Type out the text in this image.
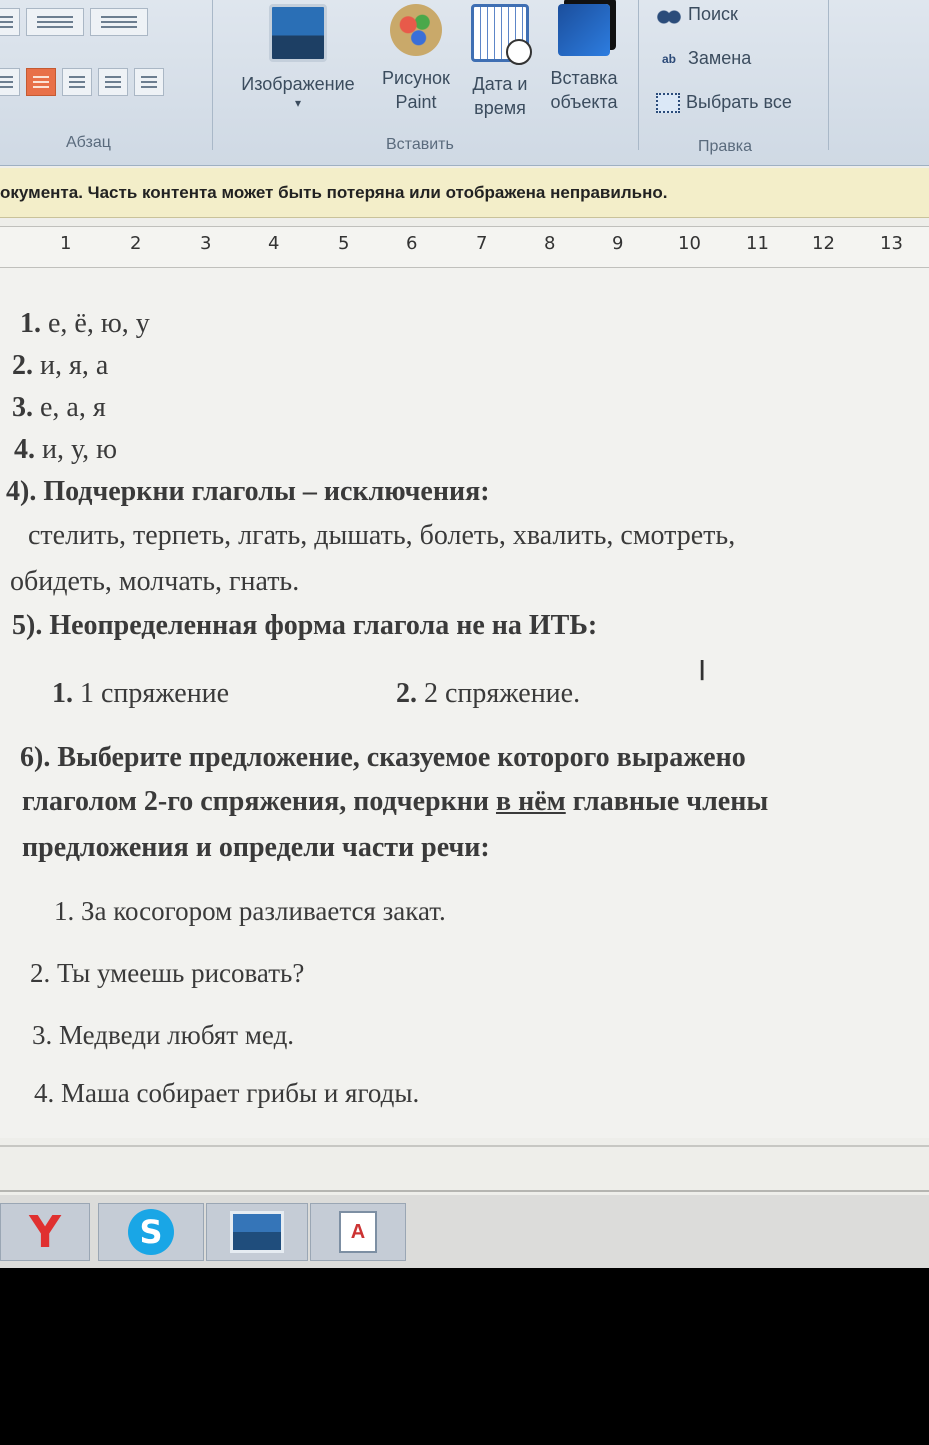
Абзац
Изображение
▾
Рисунок
Paint
Дата и
время
Вставка
объекта
Вставить
Поиск
ab Замена
Выбрать все
Правка
окумента. Часть контента может быть потеряна или отображена неправильно.
1	2	3	4	5	6	7	8	9	10	11 12	13
1. е, ё, ю, у
2. и, я, а
3. е, а, я
4. и, у, ю
4). Подчеркни глаголы – исключения:
стелить, терпеть, лгать, дышать, болеть, хвалить, смотреть,
обидеть, молчать, гнать.
5). Неопределенная форма глагола не на ИТЬ:
1. 1 спряжение	2. 2 спряжение.
I
6). Выберите предложение, сказуемое которого выражено
глаголом 2-го спряжения, подчеркни в нём главные члены
предложения и определи части речи:
1. За косогором разливается закат.
2. Ты умеешь рисовать?
3. Медведи любят мед.
4. Маша собирает грибы и ягоды.
Y	S	A
